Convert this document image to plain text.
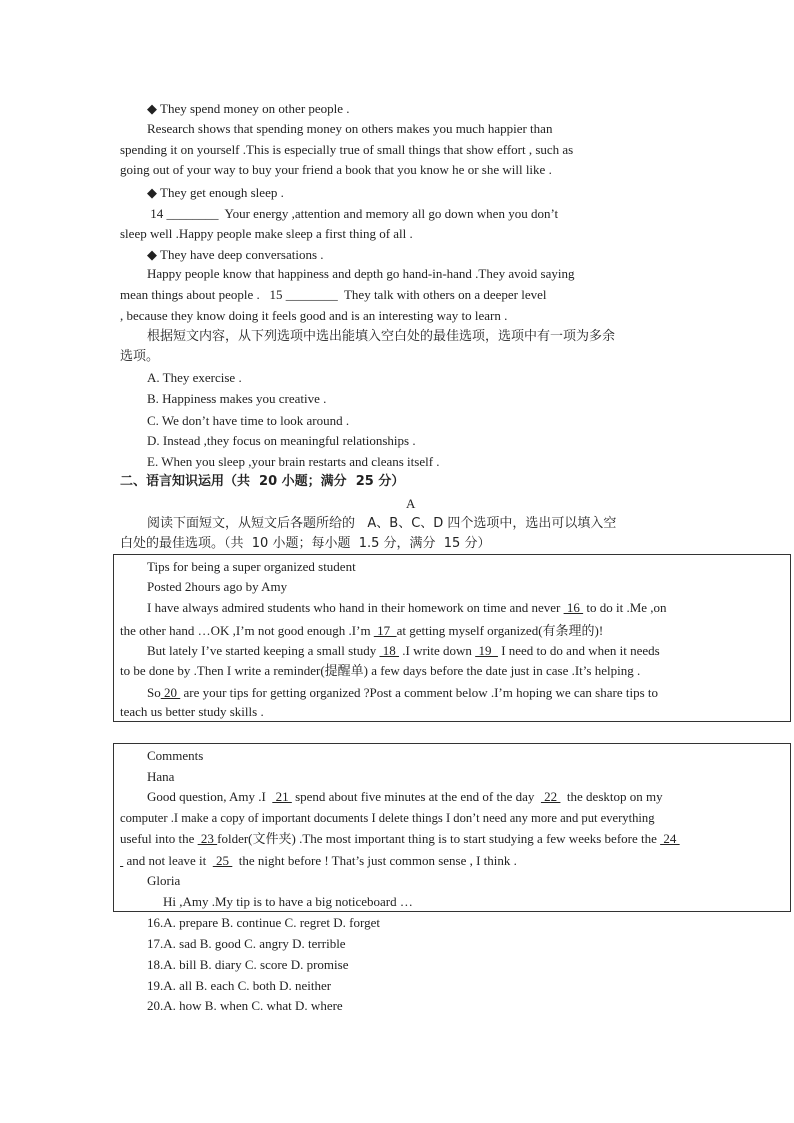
◆ They spend money on other people .
Research shows that spending money on others makes you much happier than
spending it on yourself .This is especially true of small things that show effort , such as
going out of your way to buy your friend a book that you know he or she will like .
◆ They get enough sleep .
14 ________  Your energy ,attention and memory all go down when you don’t
sleep well .Happy people make sleep a first thing of all .
◆ They have deep conversations .
Happy people know that happiness and depth go hand-in-hand .They avoid saying
mean things about people .   15 ________  They talk with others on a deeper level
, because they know doing it feels good and is an interesting way to learn .
根据短文内容，从下列选项中选出能填入空白处的最佳选项，选项中有一项为多余
选项。
A. They exercise .
B. Happiness makes you creative .
C. We don’t have time to look around .
D. Instead ,they focus on meaningful relationships .
E. When you sleep ,your brain restarts and cleans itself .
二、语言知识运用（共  20 小题；满分  25 分）
A
阅读下面短文，从短文后各题所给的   A、B、C、D 四个选项中，选出可以填入空
白处的最佳选项。（共  10 小题；每小题  1.5 分，满分  15 分）
Tips for being a super organized student
Posted 2hours ago by Amy
I have always admired students who hand in their homework on time and never  16  to do it .Me ,on
the other hand …OK ,I’m not good enough .I’m  17  at getting myself organized(有条理的)!
But lately I’ve started keeping a small study  18  .I write down  19   I need to do and when it needs
to be done by .Then I write a reminder(提醒单) a few days before the date just in case .It’s helping .
So 20  are your tips for getting organized ?Post a comment below .I’m hoping we can share tips to
teach us better study skills .
Comments
Hana
Good question, Amy .I   21  spend about five minutes at the end of the day   22   the desktop on my
computer .I make a copy of important documents I delete things I don’t need any more and put everything
useful into the  23 folder(文件夹) .The most important thing is to start studying a few weeks before the  24
and not leave it   25   the night before ! That’s just common sense , I think .
Gloria
Hi ,Amy .My tip is to have a big noticeboard …
16.A. prepare B. continue C. regret D. forget
17.A. sad B. good C. angry D. terrible
18.A. bill B. diary C. score D. promise
19.A. all B. each C. both D. neither
20.A. how B. when C. what D. where
